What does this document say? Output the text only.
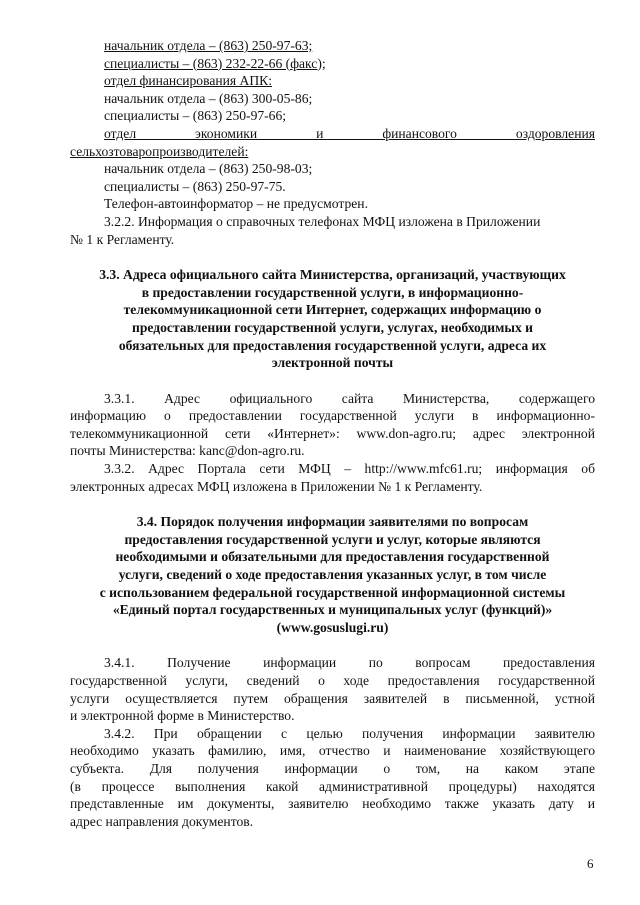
начальник отдела – (863) 250-97-63;

специалисты – (863) 232-22-66 (факс);

отдел финансирования АПК:

начальник отдела – (863) 300-05-86;

специалисты – (863) 250-97-66;

отдел экономики и финансового оздоровления

сельхозтоваропроизводителей:

начальник отдела – (863) 250-98-03;

специалисты – (863) 250-97-75.

Телефон-автоинформатор – не предусмотрен.

3.2.2. Информация о справочных телефонах МФЦ изложена в Приложении

№ 1 к Регламенту.

3.3. Адреса официального сайта Министерства, организаций, участвующих

в предоставлении государственной услуги, в информационно-

телекоммуникационной сети Интернет, содержащих информацию о

предоставлении государственной услуги, услугах, необходимых и

обязательных для предоставления государственной услуги, адреса их

электронной почты

3.3.1. Адрес официального сайта Министерства, содержащего

информацию о предоставлении государственной услуги в информационно-

телекоммуникационной сети «Интернет»: www.don-agro.ru; адрес электронной

почты Министерства: kanc@don-agro.ru.

3.3.2. Адрес Портала сети МФЦ – http://www.mfc61.ru; информация об

электронных адресах МФЦ изложена в Приложении № 1 к Регламенту.

3.4. Порядок получения информации заявителями по вопросам

предоставления государственной услуги и услуг, которые являются

необходимыми и обязательными для предоставления государственной

услуги, сведений о ходе предоставления указанных услуг, в том числе

с использованием федеральной государственной информационной системы

«Единый портал государственных и муниципальных услуг (функций)»

(www.gosuslugi.ru)

3.4.1. Получение информации по вопросам предоставления

государственной услуги, сведений о ходе предоставления государственной

услуги осуществляется путем обращения заявителей в письменной, устной

и электронной форме в Министерство.

3.4.2. При обращении с целью получения информации заявителю

необходимо указать фамилию, имя, отчество и наименование хозяйствующего

субъекта. Для получения информации о том, на каком этапе

(в процессе выполнения какой административной процедуры) находятся

представленные им документы, заявителю необходимо также указать дату и

адрес направления документов.

6
